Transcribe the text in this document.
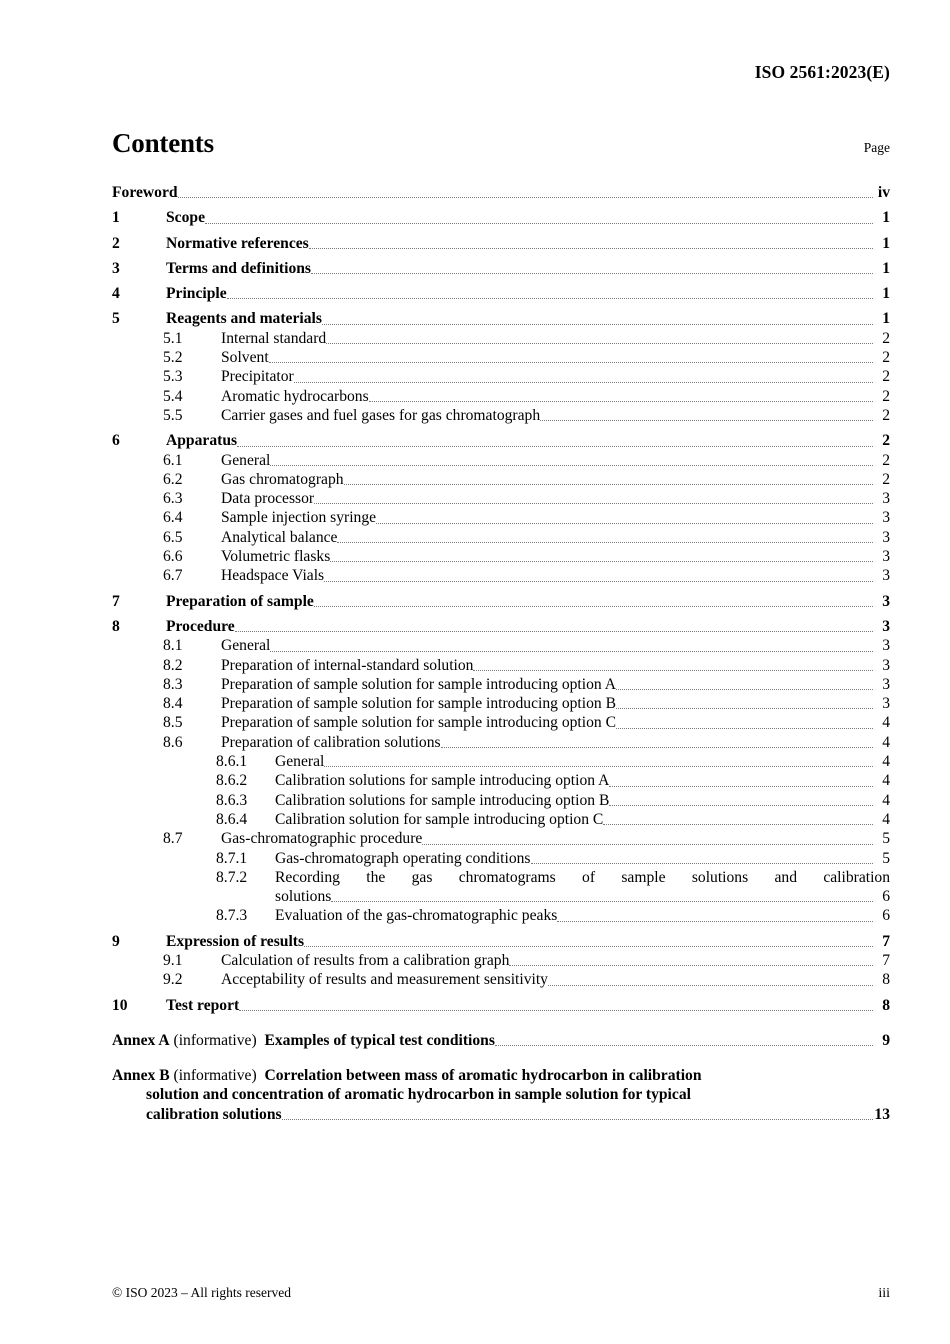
ISO 2561:2023(E)
Contents	Page
Foreword	iv
1	Scope	1
2	Normative references	1
3	Terms and definitions	1
4	Principle	1
5	Reagents and materials	1
5.1	Internal standard	2
5.2	Solvent	2
5.3	Precipitator	2
5.4	Aromatic hydrocarbons	2
5.5	Carrier gases and fuel gases for gas chromatograph	2
6	Apparatus	2
6.1	General	2
6.2	Gas chromatograph	2
6.3	Data processor	3
6.4	Sample injection syringe	3
6.5	Analytical balance	3
6.6	Volumetric flasks	3
6.7	Headspace Vials	3
7	Preparation of sample	3
8	Procedure	3
8.1	General	3
8.2	Preparation of internal-standard solution	3
8.3	Preparation of sample solution for sample introducing option A	3
8.4	Preparation of sample solution for sample introducing option B	3
8.5	Preparation of sample solution for sample introducing option C	4
8.6	Preparation of calibration solutions	4
8.6.1	General	4
8.6.2	Calibration solutions for sample introducing option A	4
8.6.3	Calibration solutions for sample introducing option B	4
8.6.4	Calibration solution for sample introducing option C	4
8.7	Gas-chromatographic procedure	5
8.7.1	Gas-chromatograph operating conditions	5
8.7.2 Recording the gas chromatograms of sample solutions and calibration
solutions	6
8.7.3	Evaluation of the gas-chromatographic peaks	6
9	Expression of results	7
9.1	Calculation of results from a calibration graph	7
9.2	Acceptability of results and measurement sensitivity	8
10	Test report	8
Annex A (informative) Examples of typical test conditions	9
Annex B (informative) Correlation between mass of aromatic hydrocarbon in calibration
solution and concentration of aromatic hydrocarbon in sample solution for typical
calibration solutions	13
© ISO 2023 – All rights reserved	iii
